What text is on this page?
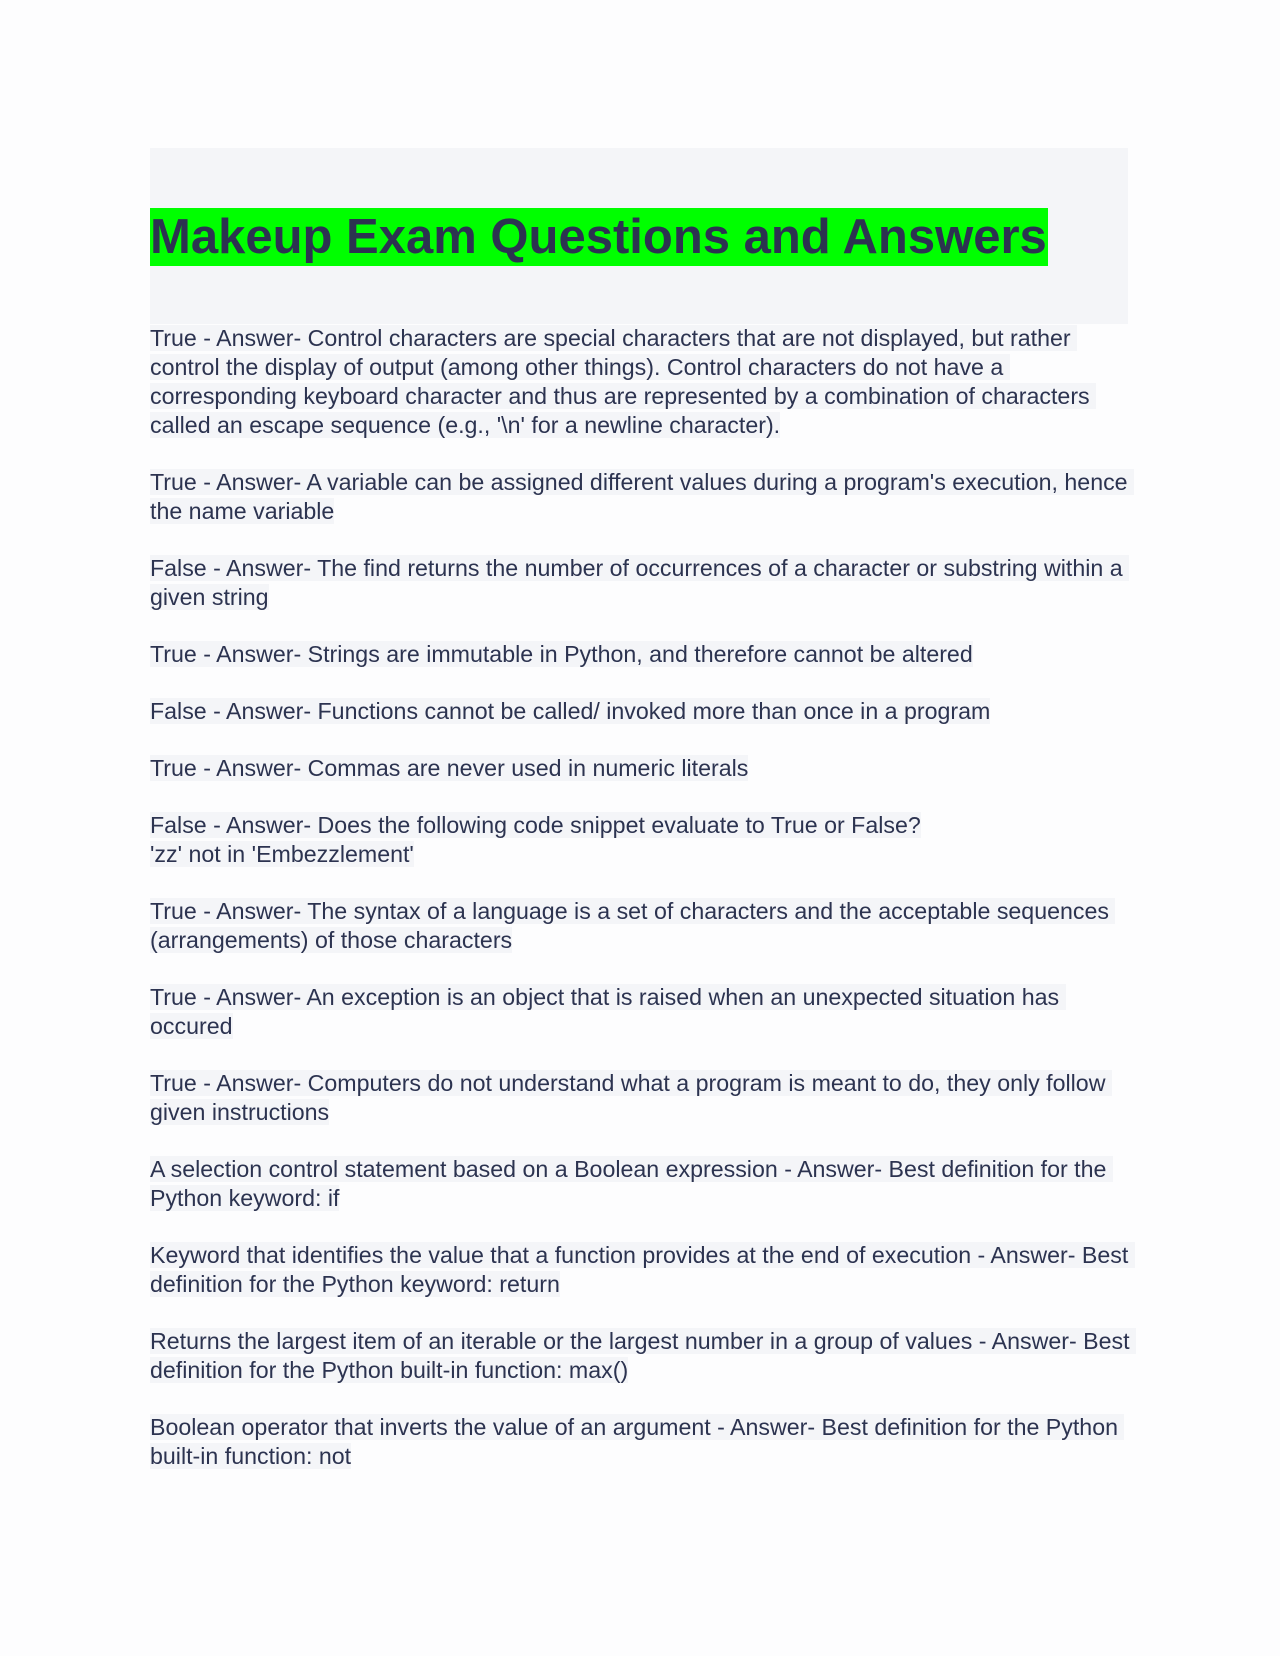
Makeup Exam Questions and Answers
True - Answer- Control characters are special characters that are not displayed, but rather control the display of output (among other things). Control characters do not have a corresponding keyboard character and thus are represented by a combination of characters called an escape sequence (e.g., '\n' for a newline character).
True - Answer- A variable can be assigned different values during a program's execution, hence the name variable
False - Answer- The find returns the number of occurrences of a character or substring within a given string
True - Answer- Strings are immutable in Python, and therefore cannot be altered
False - Answer- Functions cannot be called/ invoked more than once in a program
True - Answer- Commas are never used in numeric literals
False - Answer- Does the following code snippet evaluate to True or False?
'zz' not in 'Embezzlement'
True - Answer- The syntax of a language is a set of characters and the acceptable sequences (arrangements) of those characters
True - Answer- An exception is an object that is raised when an unexpected situation has occured
True - Answer- Computers do not understand what a program is meant to do, they only follow given instructions
A selection control statement based on a Boolean expression - Answer- Best definition for the Python keyword: if
Keyword that identifies the value that a function provides at the end of execution - Answer- Best definition for the Python keyword: return
Returns the largest item of an iterable or the largest number in a group of values - Answer- Best definition for the Python built-in function: max()
Boolean operator that inverts the value of an argument - Answer- Best definition for the Python built-in function: not
